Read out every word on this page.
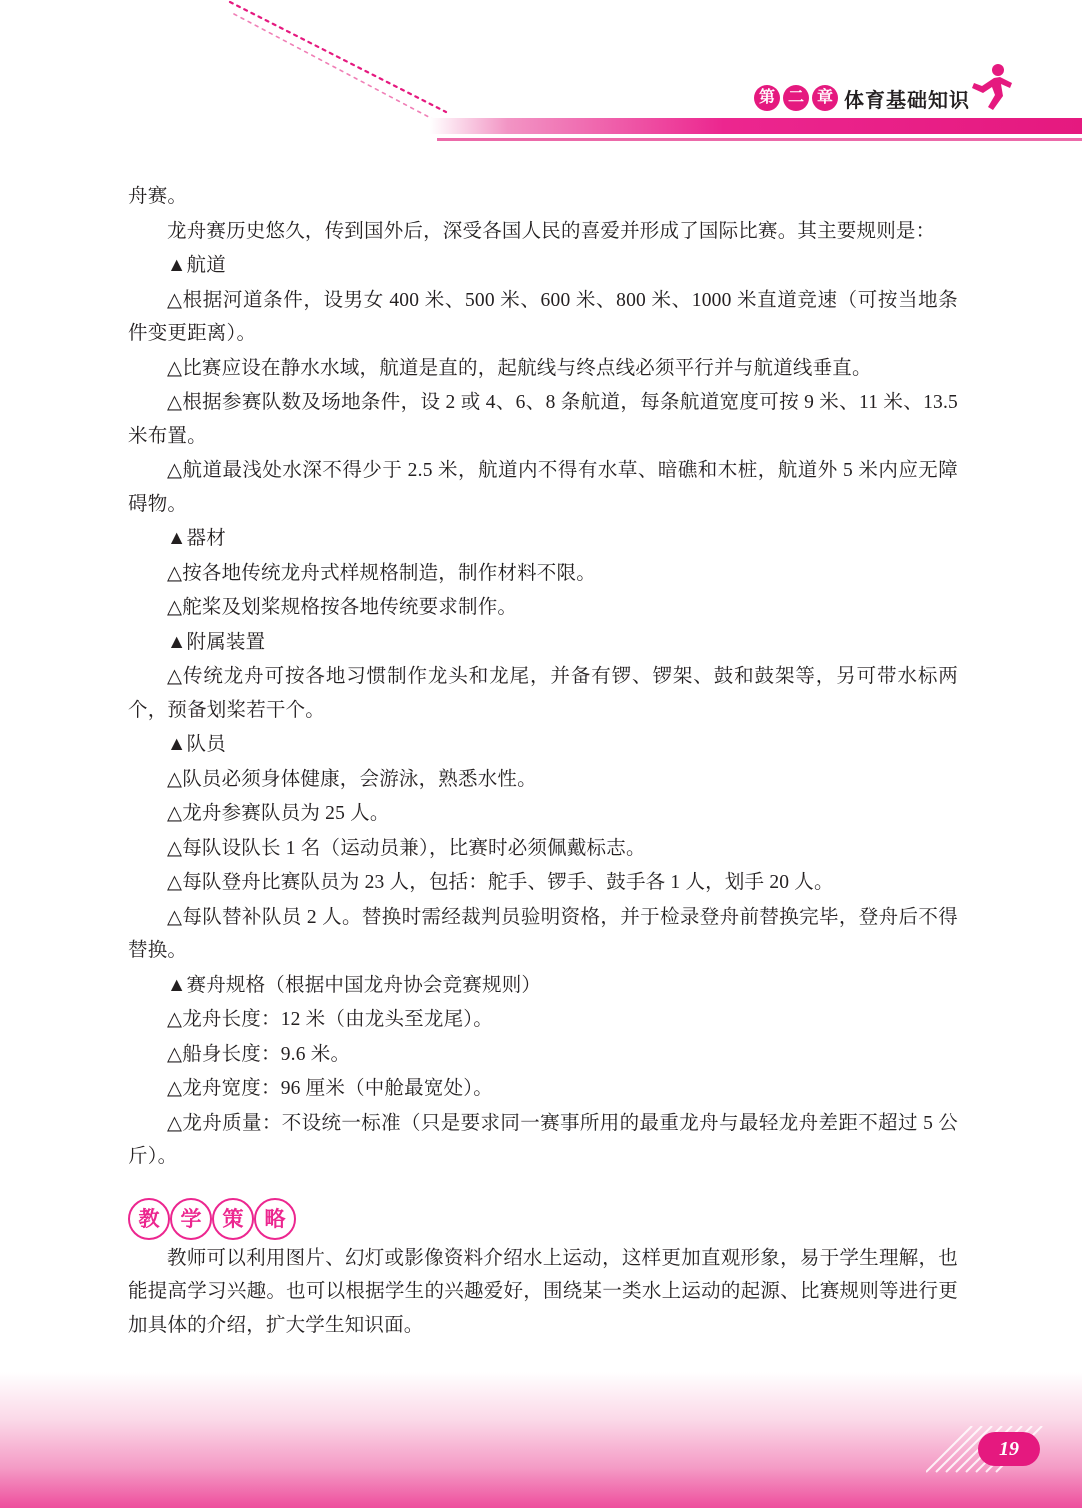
第 二 章 体育基础知识

舟赛。

龙舟赛历史悠久，传到国外后，深受各国人民的喜爱并形成了国际比赛。其主要规则是：

▲航道

△根据河道条件，设男女 400 米、500 米、600 米、800 米、1000 米直道竞速（可按当地条件变更距离）。

△比赛应设在静水水域，航道是直的，起航线与终点线必须平行并与航道线垂直。

△根据参赛队数及场地条件，设 2 或 4、6、8 条航道，每条航道宽度可按 9 米、11 米、13.5 米布置。

△航道最浅处水深不得少于 2.5 米，航道内不得有水草、暗礁和木桩，航道外 5 米内应无障碍物。

▲器材

△按各地传统龙舟式样规格制造，制作材料不限。

△舵桨及划桨规格按各地传统要求制作。

▲附属装置

△传统龙舟可按各地习惯制作龙头和龙尾，并备有锣、锣架、鼓和鼓架等，另可带水标两个，预备划桨若干个。

▲队员

△队员必须身体健康，会游泳，熟悉水性。

△龙舟参赛队员为 25 人。

△每队设队长 1 名（运动员兼），比赛时必须佩戴标志。

△每队登舟比赛队员为 23 人，包括：舵手、锣手、鼓手各 1 人，划手 20 人。

△每队替补队员 2 人。替换时需经裁判员验明资格，并于检录登舟前替换完毕，登舟后不得替换。

▲赛舟规格（根据中国龙舟协会竞赛规则）

△龙舟长度：12 米（由龙头至龙尾）。

△船身长度：9.6 米。

△龙舟宽度：96 厘米（中舱最宽处）。

△龙舟质量：不设统一标准（只是要求同一赛事所用的最重龙舟与最轻龙舟差距不超过 5 公斤）。

教	学	策	略

教师可以利用图片、幻灯或影像资料介绍水上运动，这样更加直观形象，易于学生理解，也能提高学习兴趣。也可以根据学生的兴趣爱好，围绕某一类水上运动的起源、比赛规则等进行更加具体的介绍，扩大学生知识面。

19
